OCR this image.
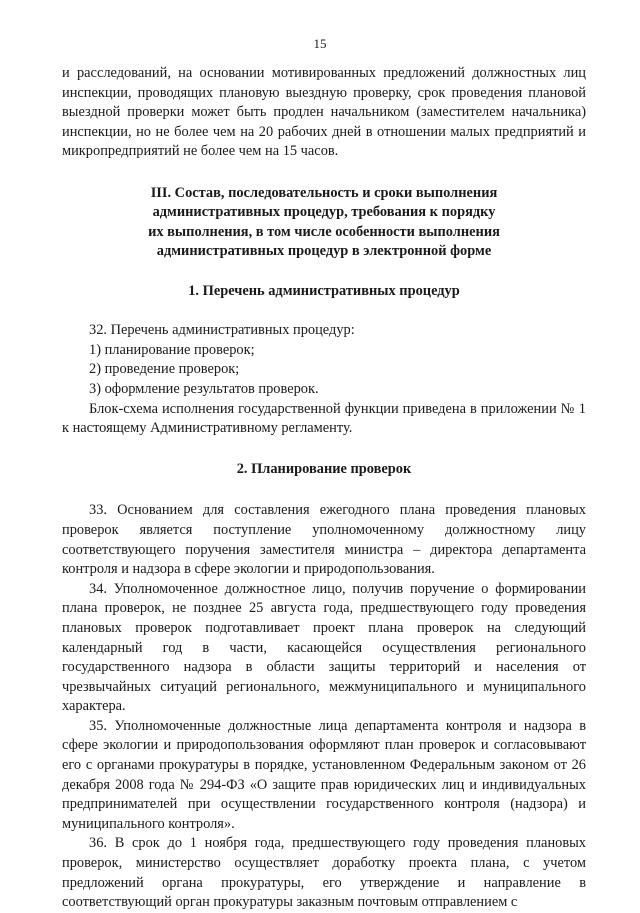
15

и расследований, на основании мотивированных предложений должностных лиц инспекции, проводящих плановую выездную проверку, срок проведения плановой выездной проверки может быть продлен начальником (заместителем начальника) инспекции, но не более чем на 20 рабочих дней в отношении малых предприятий и микропредприятий не более чем на 15 часов.

III. Состав, последовательность и сроки выполнения
административных процедур, требования к порядку
их выполнения, в том числе особенности выполнения
административных процедур в электронной форме
1. Перечень административных процедур

32. Перечень административных процедур:

1) планирование проверок;

2) проведение проверок;

3) оформление результатов проверок.

Блок-схема исполнения государственной функции приведена в приложении № 1 к настоящему Административному регламенту.

2. Планирование проверок

33. Основанием для составления ежегодного плана проведения плановых проверок является поступление уполномоченному должностному лицу соответствующего поручения заместителя министра – директора департамента контроля и надзора в сфере экологии и природопользования.

34. Уполномоченное должностное лицо, получив поручение о формировании плана проверок, не позднее 25 августа года, предшествующего году проведения плановых проверок подготавливает проект плана проверок на следующий календарный год в части, касающейся осуществления регионального государственного надзора в области защиты территорий и населения от чрезвычайных ситуаций регионального, межмуниципального и муниципального характера.

35. Уполномоченные должностные лица департамента контроля и надзора в сфере экологии и природопользования оформляют план проверок и согласовывают его с органами прокуратуры в порядке, установленном Федеральным законом от 26 декабря 2008 года № 294-ФЗ «О защите прав юридических лиц и индивидуальных предпринимателей при осуществлении государственного контроля (надзора) и муниципального контроля».

36. В срок до 1 ноября года, предшествующего году проведения плановых проверок, министерство осуществляет доработку проекта плана, с учетом предложений органа прокуратуры, его утверждение и направление в соответствующий орган прокуратуры заказным почтовым отправлением с
